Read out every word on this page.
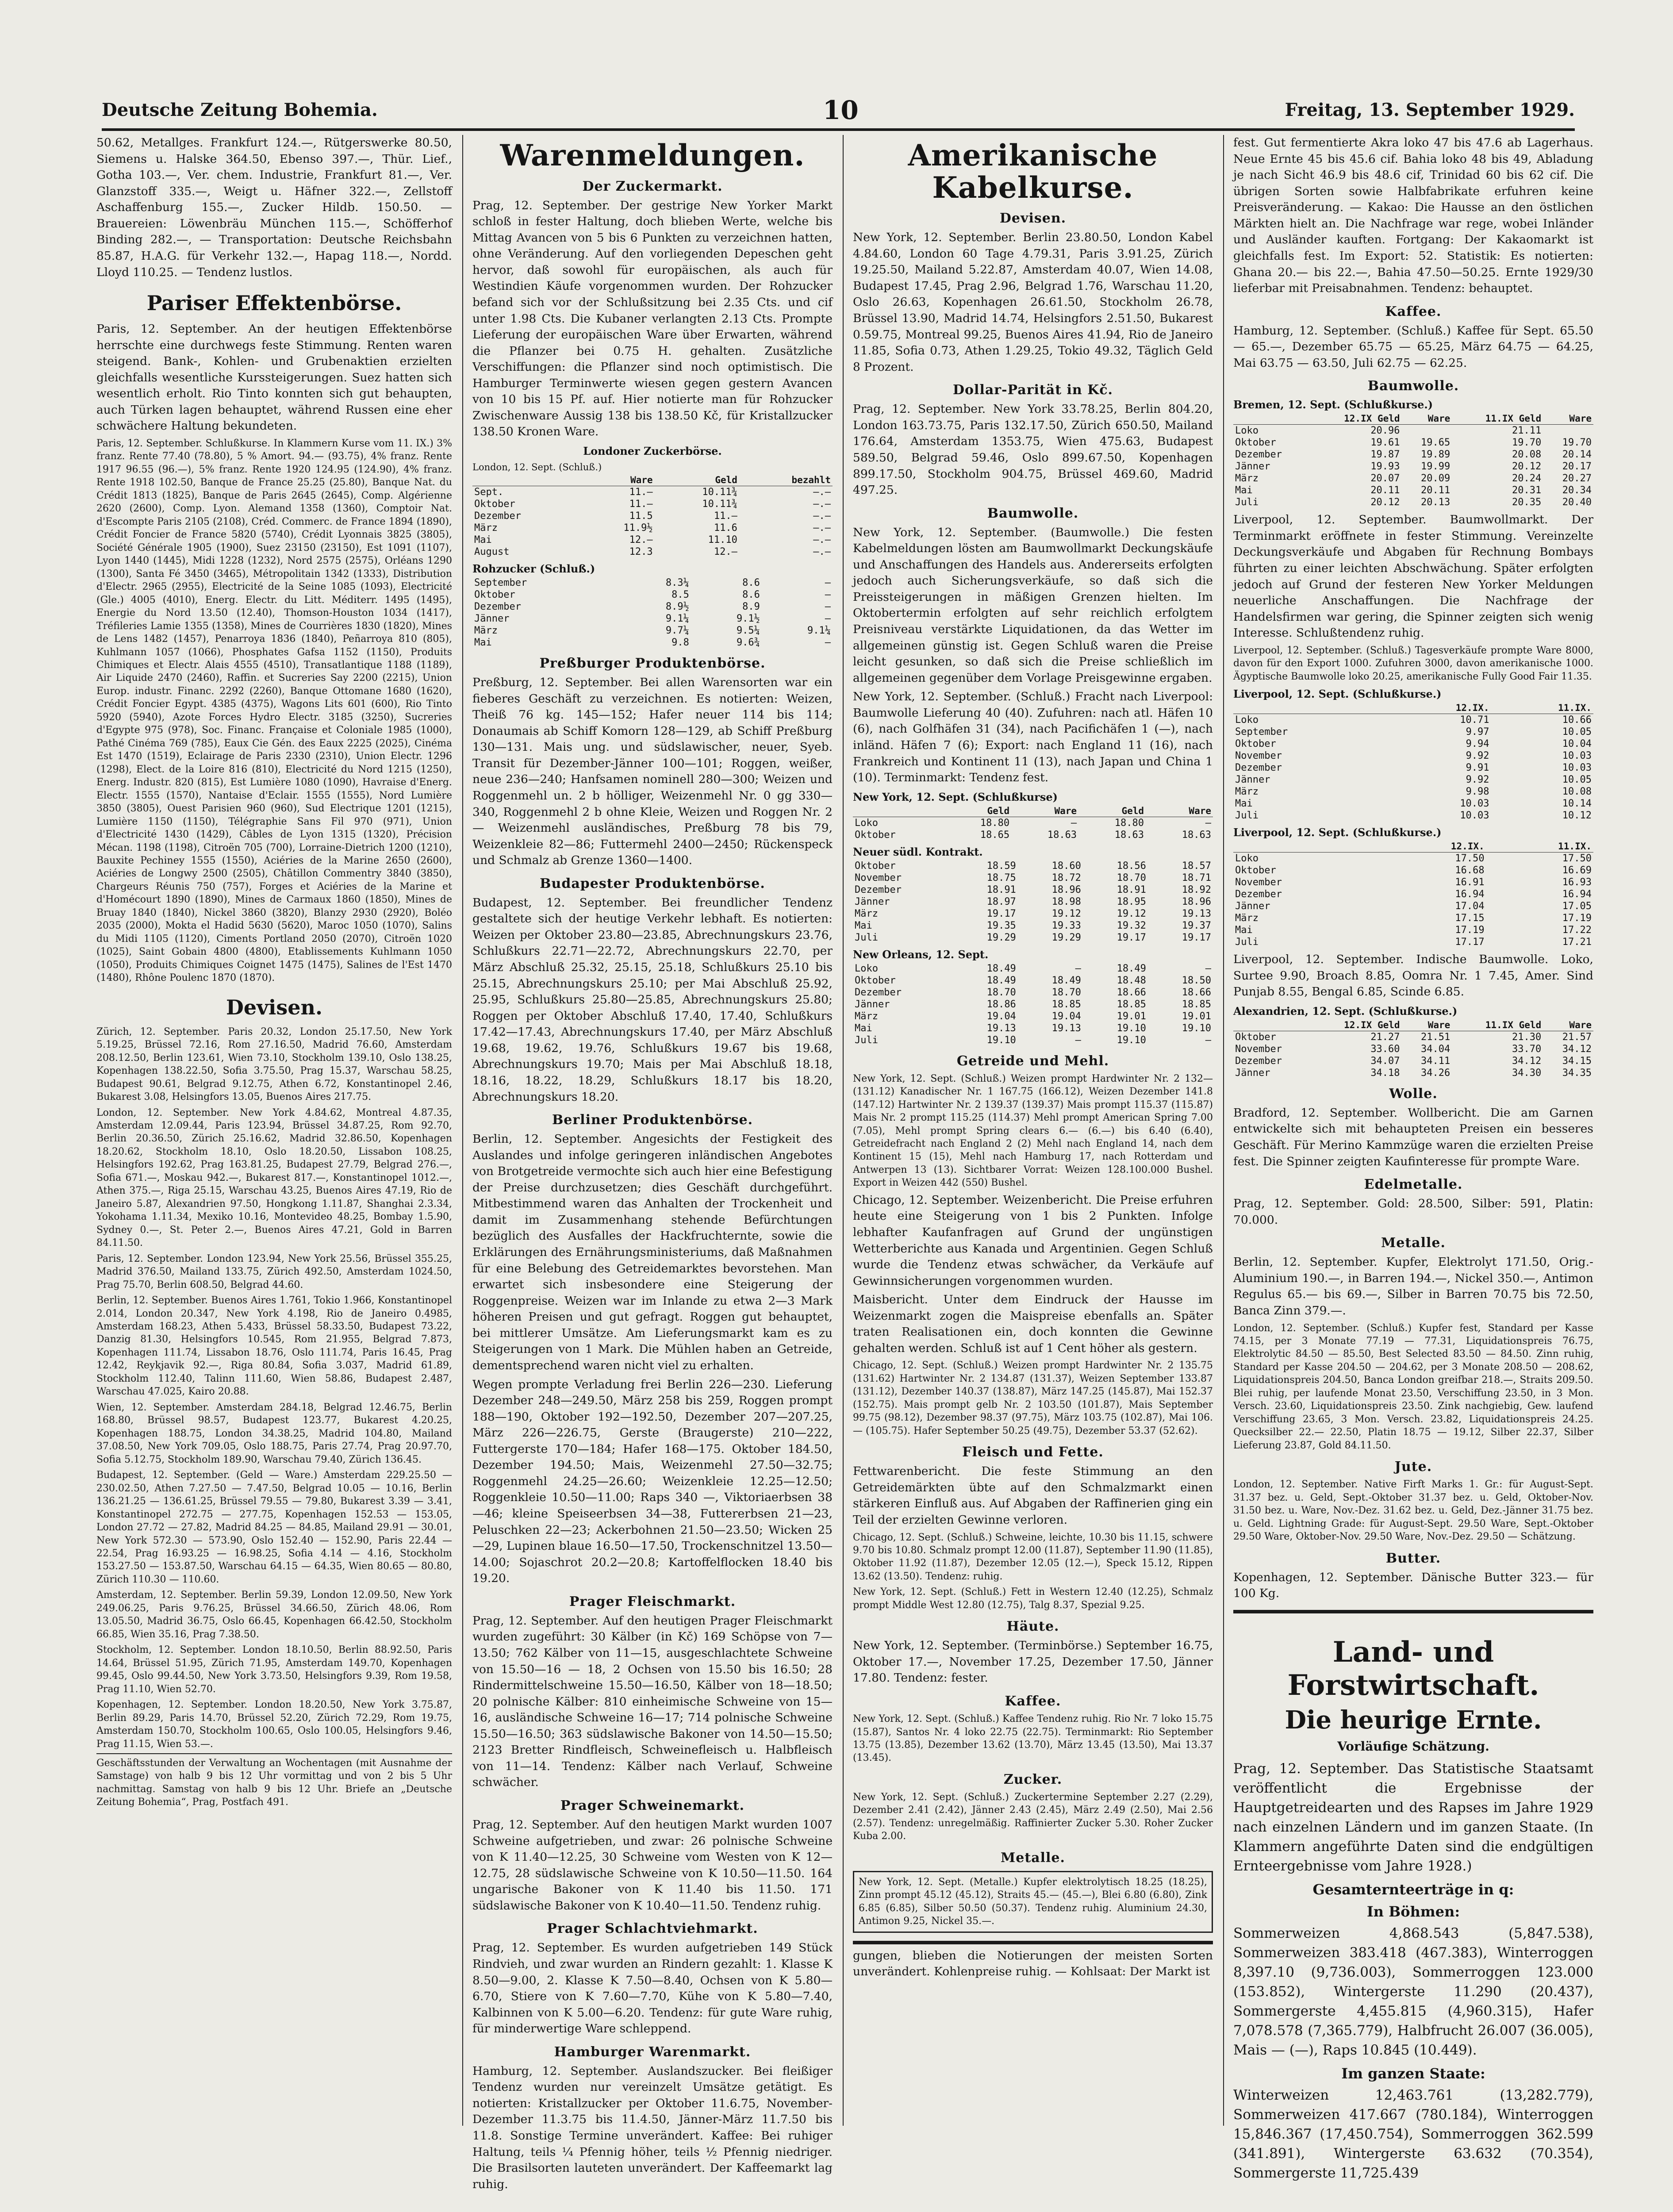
Deutsche Zeitung Bohemia.	10	Freitag, 13. September 1929.

50.62, Metallges. Frankfurt 124.—, Rütgerswerke 80.50, Siemens u. Halske 364.50, Ebenso 397.—, Thür. Lief., Gotha 103.—, Ver. chem. Industrie, Frankfurt 81.—, Ver. Glanzstoff 335.—, Weigt u. Häfner 322.—, Zellstoff Aschaffenburg 155.—, Zucker Hildb. 150.50. — Brauereien: Löwenbräu München 115.—, Schöfferhof Binding 282.—, — Transportation: Deutsche Reichsbahn 85.87, H.A.G. für Verkehr 132.—, Hapag 118.—, Nordd. Lloyd 110.25. — Tendenz lustlos.

Pariser Effektenbörse.

Paris, 12. September. An der heutigen Effektenbörse herrschte eine durchwegs feste Stimmung. Renten waren steigend. Bank-, Kohlen- und Grubenaktien erzielten gleichfalls wesentliche Kurssteigerungen. Suez hatten sich wesentlich erholt. Rio Tinto konnten sich gut behaupten, auch Türken lagen behauptet, während Russen eine eher schwächere Haltung bekundeten.

Paris, 12. September. Schlußkurse. In Klammern Kurse vom 11. IX.) 3% franz. Rente 77.40 (78.80), 5 % Amort. 94.— (93.75), 4% franz. Rente 1917 96.55 (96.—), 5% franz. Rente 1920 124.95 (124.90), 4% franz. Rente 1918 102.50, Banque de France 25.25 (25.80), Banque Nat. du Crédit 1813 (1825), Banque de Paris 2645 (2645), Comp. Algérienne 2620 (2600), Comp. Lyon. Alemand 1358 (1360), Comptoir Nat. d'Escompte Paris 2105 (2108), Créd. Commerc. de France 1894 (1890), Crédit Foncier de France 5820 (5740), Crédit Lyonnais 3825 (3805), Société Générale 1905 (1900), Suez 23150 (23150), Est 1091 (1107), Lyon 1440 (1445), Midi 1228 (1232), Nord 2575 (2575), Orléans 1290 (1300), Santa Fé 3450 (3465), Métropolitain 1342 (1333), Distribution d'Electr. 2965 (2955), Electricité de la Seine 1085 (1093), Electricité (Gle.) 4005 (4010), Energ. Electr. du Litt. Méditerr. 1495 (1495), Energie du Nord 13.50 (12.40), Thomson-Houston 1034 (1417), Tréfileries Lamie 1355 (1358), Mines de Courrières 1830 (1820), Mines de Lens 1482 (1457), Penarroya 1836 (1840), Peñarroya 810 (805), Kuhlmann 1057 (1066), Phosphates Gafsa 1152 (1150), Produits Chimiques et Electr. Alais 4555 (4510), Transatlantique 1188 (1189), Air Liquide 2470 (2460), Raffin. et Sucreries Say 2200 (2215), Union Europ. industr. Financ. 2292 (2260), Banque Ottomane 1680 (1620), Crédit Foncier Egypt. 4385 (4375), Wagons Lits 601 (600), Rio Tinto 5920 (5940), Azote Forces Hydro Electr. 3185 (3250), Sucreries d'Egypte 975 (978), Soc. Financ. Française et Coloniale 1985 (1000), Pathé Cinéma 769 (785), Eaux Cie Gén. des Eaux 2225 (2025), Cinéma Est 1470 (1519), Eclairage de Paris 2330 (2310), Union Electr. 1296 (1298), Elect. de la Loire 816 (810), Electricité du Nord 1215 (1250), Energ. Industr. 820 (815), Est Lumière 1080 (1090), Havraise d'Energ. Electr. 1555 (1570), Nantaise d'Eclair. 1555 (1555), Nord Lumière 3850 (3805), Ouest Parisien 960 (960), Sud Electrique 1201 (1215), Lumière 1150 (1150), Télégraphie Sans Fil 970 (971), Union d'Electricité 1430 (1429), Câbles de Lyon 1315 (1320), Précision Mécan. 1198 (1198), Citroën 705 (700), Lorraine-Dietrich 1200 (1210), Bauxite Pechiney 1555 (1550), Aciéries de la Marine 2650 (2600), Aciéries de Longwy 2500 (2505), Châtillon Commentry 3840 (3850), Chargeurs Réunis 750 (757), Forges et Aciéries de la Marine et d'Homécourt 1890 (1890), Mines de Carmaux 1860 (1850), Mines de Bruay 1840 (1840), Nickel 3860 (3820), Blanzy 2930 (2920), Boléo 2035 (2000), Mokta el Hadid 5630 (5620), Maroc 1050 (1070), Salins du Midi 1105 (1120), Ciments Portland 2050 (2070), Citroën 1020 (1025), Saint Gobain 4800 (4800), Etablissements Kuhlmann 1050 (1050), Produits Chimiques Coignet 1475 (1475), Salines de l'Est 1470 (1480), Rhône Poulenc 1870 (1870).

Devisen.

Zürich, 12. September. Paris 20.32, London 25.17.50, New York 5.19.25, Brüssel 72.16, Rom 27.16.50, Madrid 76.60, Amsterdam 208.12.50, Berlin 123.61, Wien 73.10, Stockholm 139.10, Oslo 138.25, Kopenhagen 138.22.50, Sofia 3.75.50, Prag 15.37, Warschau 58.25, Budapest 90.61, Belgrad 9.12.75, Athen 6.72, Konstantinopel 2.46, Bukarest 3.08, Helsingfors 13.05, Buenos Aires 217.75.

London, 12. September. New York 4.84.62, Montreal 4.87.35, Amsterdam 12.09.44, Paris 123.94, Brüssel 34.87.25, Rom 92.70, Berlin 20.36.50, Zürich 25.16.62, Madrid 32.86.50, Kopenhagen 18.20.62, Stockholm 18.10, Oslo 18.20.50, Lissabon 108.25, Helsingfors 192.62, Prag 163.81.25, Budapest 27.79, Belgrad 276.—, Sofia 671.—, Moskau 942.—, Bukarest 817.—, Konstantinopel 1012.—, Athen 375.—, Riga 25.15, Warschau 43.25, Buenos Aires 47.19, Rio de Janeiro 5.87, Alexandrien 97.50, Hongkong 1.11.87, Shanghai 2.3.34, Yokohama 1.11.34, Mexiko 10.16, Montevideo 48.25, Bombay 1.5.90, Sydney 0.—, St. Peter 2.—, Buenos Aires 47.21, Gold in Barren 84.11.50.

Paris, 12. September. London 123.94, New York 25.56, Brüssel 355.25, Madrid 376.50, Mailand 133.75, Zürich 492.50, Amsterdam 1024.50, Prag 75.70, Berlin 608.50, Belgrad 44.60.

Berlin, 12. September. Buenos Aires 1.761, Tokio 1.966, Konstantinopel 2.014, London 20.347, New York 4.198, Rio de Janeiro 0.4985, Amsterdam 168.23, Athen 5.433, Brüssel 58.33.50, Budapest 73.22, Danzig 81.30, Helsingfors 10.545, Rom 21.955, Belgrad 7.873, Kopenhagen 111.74, Lissabon 18.76, Oslo 111.74, Paris 16.45, Prag 12.42, Reykjavik 92.—, Riga 80.84, Sofia 3.037, Madrid 61.89, Stockholm 112.40, Talinn 111.60, Wien 58.86, Budapest 2.487, Warschau 47.025, Kairo 20.88.

Wien, 12. September. Amsterdam 284.18, Belgrad 12.46.75, Berlin 168.80, Brüssel 98.57, Budapest 123.77, Bukarest 4.20.25, Kopenhagen 188.75, London 34.38.25, Madrid 104.80, Mailand 37.08.50, New York 709.05, Oslo 188.75, Paris 27.74, Prag 20.97.70, Sofia 5.12.75, Stockholm 189.90, Warschau 79.40, Zürich 136.45.

Budapest, 12. September. (Geld — Ware.) Amsterdam 229.25.50 — 230.02.50, Athen 7.27.50 — 7.47.50, Belgrad 10.05 — 10.16, Berlin 136.21.25 — 136.61.25, Brüssel 79.55 — 79.80, Bukarest 3.39 — 3.41, Konstantinopel 272.75 — 277.75, Kopenhagen 152.53 — 153.05, London 27.72 — 27.82, Madrid 84.25 — 84.85, Mailand 29.91 — 30.01, New York 572.30 — 573.90, Oslo 152.40 — 152.90, Paris 22.44 — 22.54, Prag 16.93.25 — 16.98.25, Sofia 4.14 — 4.16, Stockholm 153.27.50 — 153.87.50, Warschau 64.15 — 64.35, Wien 80.65 — 80.80, Zürich 110.30 — 110.60.

Amsterdam, 12. September. Berlin 59.39, London 12.09.50, New York 249.06.25, Paris 9.76.25, Brüssel 34.66.50, Zürich 48.06, Rom 13.05.50, Madrid 36.75, Oslo 66.45, Kopenhagen 66.42.50, Stockholm 66.85, Wien 35.16, Prag 7.38.50.

Stockholm, 12. September. London 18.10.50, Berlin 88.92.50, Paris 14.64, Brüssel 51.95, Zürich 71.95, Amsterdam 149.70, Kopenhagen 99.45, Oslo 99.44.50, New York 3.73.50, Helsingfors 9.39, Rom 19.58, Prag 11.10, Wien 52.70.

Kopenhagen, 12. September. London 18.20.50, New York 3.75.87, Berlin 89.29, Paris 14.70, Brüssel 52.20, Zürich 72.29, Rom 19.75, Amsterdam 150.70, Stockholm 100.65, Oslo 100.05, Helsingfors 9.46, Prag 11.15, Wien 53.—.

Geschäftsstunden der Verwaltung an Wochentagen (mit Ausnahme der Samstage) von halb 9 bis 12 Uhr vormittag und von 2 bis 5 Uhr nachmittag. Samstag von halb 9 bis 12 Uhr. Briefe an „Deutsche Zeitung Bohemia“, Prag, Postfach 491.

Warenmeldungen.
Der Zuckermarkt.

Prag, 12. September. Der gestrige New Yorker Markt schloß in fester Haltung, doch blieben Werte, welche bis Mittag Avancen von 5 bis 6 Punkten zu verzeichnen hatten, ohne Veränderung. Auf den vorliegenden Depeschen geht hervor, daß sowohl für europäischen, als auch für Westindien Käufe vorgenommen wurden. Der Rohzucker befand sich vor der Schlußsitzung bei 2.35 Cts. und cif unter 1.98 Cts. Die Kubaner verlangten 2.13 Cts. Prompte Lieferung der europäischen Ware über Erwarten, während die Pflanzer bei 0.75 H. gehalten. Zusätzliche Verschiffungen: die Pflanzer sind noch optimistisch. Die Hamburger Terminwerte wiesen gegen gestern Avancen von 10 bis 15 Pf. auf. Hier notierte man für Rohzucker Zwischenware Aussig 138 bis 138.50 Kč, für Kristallzucker 138.50 Kronen Ware.

Londoner Zuckerbörse.
London, 12. Sept. (Schluß.)
	Ware	Geld	bezahlt
Sept.	11.—	10.11¾	—.—
Oktober	11.—	10.11¾	—.—
Dezember	11.5	11.—	—.—
März	11.9½	11.6	—.—
Mai	12.—	11.10	—.—
August	12.3	12.—	—.—
Rohzucker (Schluß.)
September	8.3¼	8.6	—
Oktober	8.5	8.6	—
Dezember	8.9½	8.9	—
Jänner	9.1¼	9.1½	—
März	9.7¼	9.5¼	9.1¼
Mai	9.8	9.6¾	—
Preßburger Produktenbörse.

Preßburg, 12. September. Bei allen Warensorten war ein fieberes Geschäft zu verzeichnen. Es notierten: Weizen, Theiß 76 kg. 145—152; Hafer neuer 114 bis 114; Donaumais ab Schiff Komorn 128—129, ab Schiff Preßburg 130—131. Mais ung. und südslawischer, neuer, Syeb. Transit für Dezember-Jänner 100—101; Roggen, weißer, neue 236—240; Hanfsamen nominell 280—300; Weizen und Roggenmehl un. 2 b hölliger, Weizenmehl Nr. 0 gg 330—340, Roggenmehl 2 b ohne Kleie, Weizen und Roggen Nr. 2 — Weizenmehl ausländisches, Preßburg 78 bis 79, Weizenkleie 82—86; Futtermehl 2400—2450; Rückenspeck und Schmalz ab Grenze 1360—1400.

Budapester Produktenbörse.

Budapest, 12. September. Bei freundlicher Tendenz gestaltete sich der heutige Verkehr lebhaft. Es notierten: Weizen per Oktober 23.80—23.85, Abrechnungskurs 23.76, Schlußkurs 22.71—22.72, Abrechnungskurs 22.70, per März Abschluß 25.32, 25.15, 25.18, Schlußkurs 25.10 bis 25.15, Abrechnungskurs 25.10; per Mai Abschluß 25.92, 25.95, Schlußkurs 25.80—25.85, Abrechnungskurs 25.80; Roggen per Oktober Abschluß 17.40, 17.40, Schlußkurs 17.42—17.43, Abrechnungskurs 17.40, per März Abschluß 19.68, 19.62, 19.76, Schlußkurs 19.67 bis 19.68, Abrechnungskurs 19.70; Mais per Mai Abschluß 18.18, 18.16, 18.22, 18.29, Schlußkurs 18.17 bis 18.20, Abrechnungskurs 18.20.

Berliner Produktenbörse.

Berlin, 12. September. Angesichts der Festigkeit des Auslandes und infolge geringeren inländischen Angebotes von Brotgetreide vermochte sich auch hier eine Befestigung der Preise durchzusetzen; dies Geschäft durchgeführt. Mitbestimmend waren das Anhalten der Trockenheit und damit im Zusammenhang stehende Befürchtungen bezüglich des Ausfalles der Hackfruchternte, sowie die Erklärungen des Ernährungsministeriums, daß Maßnahmen für eine Belebung des Getreidemarktes bevorstehen. Man erwartet sich insbesondere eine Steigerung der Roggenpreise. Weizen war im Inlande zu etwa 2—3 Mark höheren Preisen und gut gefragt. Roggen gut behauptet, bei mittlerer Umsätze. Am Lieferungsmarkt kam es zu Steigerungen von 1 Mark. Die Mühlen haben an Getreide, dementsprechend waren nicht viel zu erhalten.

Wegen prompte Verladung frei Berlin 226—230. Lieferung Dezember 248—249.50, März 258 bis 259, Roggen prompt 188—190, Oktober 192—192.50, Dezember 207—207.25, März 226—226.75, Gerste (Braugerste) 210—222, Futtergerste 170—184; Hafer 168—175. Oktober 184.50, Dezember 194.50; Mais, Weizenmehl 27.50—32.75; Roggenmehl 24.25—26.60; Weizenkleie 12.25—12.50; Roggenkleie 10.50—11.00; Raps 340 —, Viktoriaerbsen 38—46; kleine Speiseerbsen 34—38, Futtererbsen 21—23, Peluschken 22—23; Ackerbohnen 21.50—23.50; Wicken 25—29, Lupinen blaue 16.50—17.50, Trockenschnitzel 13.50—14.00; Sojaschrot 20.2—20.8; Kartoffelflocken 18.40 bis 19.20.

Prager Fleischmarkt.

Prag, 12. September. Auf den heutigen Prager Fleischmarkt wurden zugeführt: 30 Kälber (in Kč) 169 Schöpse von 7—13.50; 762 Kälber von 11—15, ausgeschlachtete Schweine von 15.50—16 — 18, 2 Ochsen von 15.50 bis 16.50; 28 Rindermittelschweine 15.50—16.50, Kälber von 18—18.50; 20 polnische Kälber: 810 einheimische Schweine von 15—16, ausländische Schweine 16—17; 714 polnische Schweine 15.50—16.50; 363 südslawische Bakoner von 14.50—15.50; 2123 Bretter Rindfleisch, Schweinefleisch u. Halbfleisch von 11—14. Tendenz: Kälber nach Verlauf, Schweine schwächer.

Prager Schweinemarkt.

Prag, 12. September. Auf den heutigen Markt wurden 1007 Schweine aufgetrieben, und zwar: 26 polnische Schweine von K 11.40—12.25, 30 Schweine vom Westen von K 12—12.75, 28 südslawische Schweine von K 10.50—11.50. 164 ungarische Bakoner von K 11.40 bis 11.50. 171 südslawische Bakoner von K 10.40—11.50. Tendenz ruhig.

Prager Schlachtviehmarkt.

Prag, 12. September. Es wurden aufgetrieben 149 Stück Rindvieh, und zwar wurden an Rindern gezahlt: 1. Klasse K 8.50—9.00, 2. Klasse K 7.50—8.40, Ochsen von K 5.80—6.70, Stiere von K 7.60—7.70, Kühe von K 5.80—7.40, Kalbinnen von K 5.00—6.20. Tendenz: für gute Ware ruhig, für minderwertige Ware schleppend.

Hamburger Warenmarkt.

Hamburg, 12. September. Auslandszucker. Bei fleißiger Tendenz wurden nur vereinzelt Umsätze getätigt. Es notierten: Kristallzucker per Oktober 11.6.75, November-Dezember 11.3.75 bis 11.4.50, Jänner-März 11.7.50 bis 11.8. Sonstige Termine unverändert. Kaffee: Bei ruhiger Haltung, teils ¼ Pfennig höher, teils ½ Pfennig niedriger. Die Brasilsorten lauteten unverändert. Der Kaffeemarkt lag ruhig.

Amerikanische Kabelkurse.
Devisen.

New York, 12. September. Berlin 23.80.50, London Kabel 4.84.60, London 60 Tage 4.79.31, Paris 3.91.25, Zürich 19.25.50, Mailand 5.22.87, Amsterdam 40.07, Wien 14.08, Budapest 17.45, Prag 2.96, Belgrad 1.76, Warschau 11.20, Oslo 26.63, Kopenhagen 26.61.50, Stockholm 26.78, Brüssel 13.90, Madrid 14.74, Helsingfors 2.51.50, Bukarest 0.59.75, Montreal 99.25, Buenos Aires 41.94, Rio de Janeiro 11.85, Sofia 0.73, Athen 1.29.25, Tokio 49.32, Täglich Geld 8 Prozent.

Dollar-Parität in Kč.

Prag, 12. September. New York 33.78.25, Berlin 804.20, London 163.73.75, Paris 132.17.50, Zürich 650.50, Mailand 176.64, Amsterdam 1353.75, Wien 475.63, Budapest 589.50, Belgrad 59.46, Oslo 899.67.50, Kopenhagen 899.17.50, Stockholm 904.75, Brüssel 469.60, Madrid 497.25.

Baumwolle.

New York, 12. September. (Baumwolle.) Die festen Kabelmeldungen lösten am Baumwollmarkt Deckungskäufe und Anschaffungen des Handels aus. Andererseits erfolgten jedoch auch Sicherungsverkäufe, so daß sich die Preissteigerungen in mäßigen Grenzen hielten. Im Oktobertermin erfolgten auf sehr reichlich erfolgtem Preisniveau verstärkte Liquidationen, da das Wetter im allgemeinen günstig ist. Gegen Schluß waren die Preise leicht gesunken, so daß sich die Preise schließlich im allgemeinen gegenüber dem Vorlage Preisgewinne ergaben.

New York, 12. September. (Schluß.) Fracht nach Liverpool: Baumwolle Lieferung 40 (40). Zufuhren: nach atl. Häfen 10 (6), nach Golfhäfen 31 (34), nach Pacifichäfen 1 (—), nach inländ. Häfen 7 (6); Export: nach England 11 (16), nach Frankreich und Kontinent 11 (13), nach Japan und China 1 (10). Terminmarkt: Tendenz fest.

New York, 12. Sept. (Schlußkurse)
	Geld	Ware	Geld	Ware
Loko	18.80	—	18.80	—
Oktober	18.65	18.63	18.63	18.63
Neuer südl. Kontrakt.
Oktober	18.59	18.60	18.56	18.57
November	18.75	18.72	18.70	18.71
Dezember	18.91	18.96	18.91	18.92
Jänner	18.97	18.98	18.95	18.96
März	19.17	19.12	19.12	19.13
Mai	19.35	19.33	19.32	19.37
Juli	19.29	19.29	19.17	19.17
New Orleans, 12. Sept.
Loko	18.49	—	18.49	—
Oktober	18.49	18.49	18.48	18.50
Dezember	18.70	18.70	18.66	18.66
Jänner	18.86	18.85	18.85	18.85
März	19.04	19.04	19.01	19.01
Mai	19.13	19.13	19.10	19.10
Juli	19.10	—	19.10	—
Getreide und Mehl.

New York, 12. Sept. (Schluß.) Weizen prompt Hardwinter Nr. 2 132—(131.12) Kanadischer Nr. 1 167.75 (166.12), Weizen Dezember 141.8 (147.12) Hartwinter Nr. 2 139.37 (139.37) Mais prompt 115.37 (115.87) Mais Nr. 2 prompt 115.25 (114.37) Mehl prompt American Spring 7.00 (7.05), Mehl prompt Spring clears 6.— (6.—) bis 6.40 (6.40), Getreidefracht nach England 2 (2) Mehl nach England 14, nach dem Kontinent 15 (15), Mehl nach Hamburg 17, nach Rotterdam und Antwerpen 13 (13). Sichtbarer Vorrat: Weizen 128.100.000 Bushel. Export in Weizen 442 (550) Bushel.

Chicago, 12. September. Weizenbericht. Die Preise erfuhren heute eine Steigerung von 1 bis 2 Punkten. Infolge lebhafter Kaufanfragen auf Grund der ungünstigen Wetterberichte aus Kanada und Argentinien. Gegen Schluß wurde die Tendenz etwas schwächer, da Verkäufe auf Gewinnsicherungen vorgenommen wurden.

Maisbericht. Unter dem Eindruck der Hausse im Weizenmarkt zogen die Maispreise ebenfalls an. Später traten Realisationen ein, doch konnten die Gewinne gehalten werden. Schluß ist auf 1 Cent höher als gestern.

Chicago, 12. Sept. (Schluß.) Weizen prompt Hardwinter Nr. 2 135.75 (131.62) Hartwinter Nr. 2 134.87 (131.37), Weizen September 133.87 (131.12), Dezember 140.37 (138.87), März 147.25 (145.87), Mai 152.37 (152.75). Mais prompt gelb Nr. 2 103.50 (101.87), Mais September 99.75 (98.12), Dezember 98.37 (97.75), März 103.75 (102.87), Mai 106.— (105.75). Hafer September 50.25 (49.75), Dezember 53.37 (52.62).

Fleisch und Fette.

Fettwarenbericht. Die feste Stimmung an den Getreidemärkten übte auf den Schmalzmarkt einen stärkeren Einfluß aus. Auf Abgaben der Raffinerien ging ein Teil der erzielten Gewinne verloren.

Chicago, 12. Sept. (Schluß.) Schweine, leichte, 10.30 bis 11.15, schwere 9.70 bis 10.80. Schmalz prompt 12.00 (11.87), September 11.90 (11.85), Oktober 11.92 (11.87), Dezember 12.05 (12.—), Speck 15.12, Rippen 13.62 (13.50). Tendenz: ruhig.

New York, 12. Sept. (Schluß.) Fett in Western 12.40 (12.25), Schmalz prompt Middle West 12.80 (12.75), Talg 8.37, Spezial 9.25.

Häute.

New York, 12. September. (Terminbörse.) September 16.75, Oktober 17.—, November 17.25, Dezember 17.50, Jänner 17.80. Tendenz: fester.

Kaffee.

New York, 12. Sept. (Schluß.) Kaffee Tendenz ruhig. Rio Nr. 7 loko 15.75 (15.87), Santos Nr. 4 loko 22.75 (22.75). Terminmarkt: Rio September 13.75 (13.85), Dezember 13.62 (13.70), März 13.45 (13.50), Mai 13.37 (13.45).

Zucker.

New York, 12. Sept. (Schluß.) Zuckertermine September 2.27 (2.29), Dezember 2.41 (2.42), Jänner 2.43 (2.45), März 2.49 (2.50), Mai 2.56 (2.57). Tendenz: unregelmäßig. Raffinierter Zucker 5.30. Roher Zucker Kuba 2.00.

Metalle.

New York, 12. Sept. (Metalle.) Kupfer elektrolytisch 18.25 (18.25), Zinn prompt 45.12 (45.12), Straits 45.— (45.—), Blei 6.80 (6.80), Zink 6.85 (6.85), Silber 50.50 (50.37). Tendenz ruhig. Aluminium 24.30, Antimon 9.25, Nickel 35.—.

gungen, blieben die Notierungen der meisten Sorten unverändert. Kohlenpreise ruhig. — Kohlsaat: Der Markt ist

fest. Gut fermentierte Akra loko 47 bis 47.6 ab Lagerhaus. Neue Ernte 45 bis 45.6 cif. Bahia loko 48 bis 49, Abladung je nach Sicht 46.9 bis 48.6 cif, Trinidad 60 bis 62 cif. Die übrigen Sorten sowie Halbfabrikate erfuhren keine Preisveränderung. — Kakao: Die Hausse an den östlichen Märkten hielt an. Die Nachfrage war rege, wobei Inländer und Ausländer kauften. Fortgang: Der Kakaomarkt ist gleichfalls fest. Im Export: 52. Statistik: Es notierten: Ghana 20.— bis 22.—, Bahia 47.50—50.25. Ernte 1929/30 lieferbar mit Preisabnahmen. Tendenz: behauptet.

Kaffee.

Hamburg, 12. September. (Schluß.) Kaffee für Sept. 65.50 — 65.—, Dezember 65.75 — 65.25, März 64.75 — 64.25, Mai 63.75 — 63.50, Juli 62.75 — 62.25.

Baumwolle.
Bremen, 12. Sept. (Schlußkurse.)
	12.IX Geld	Ware	11.IX Geld	Ware
Loko	20.96		21.11	
Oktober	19.61	19.65	19.70	19.70
Dezember	19.87	19.89	20.08	20.14
Jänner	19.93	19.99	20.12	20.17
März	20.07	20.09	20.24	20.27
Mai	20.11	20.11	20.31	20.34
Juli	20.12	20.13	20.35	20.40

Liverpool, 12. September. Baumwollmarkt. Der Terminmarkt eröffnete in fester Stimmung. Vereinzelte Deckungsverkäufe und Abgaben für Rechnung Bombays führten zu einer leichten Abschwächung. Später erfolgten jedoch auf Grund der festeren New Yorker Meldungen neuerliche Anschaffungen. Die Nachfrage der Handelsfirmen war gering, die Spinner zeigten sich wenig Interesse. Schlußtendenz ruhig.

Liverpool, 12. September. (Schluß.) Tagesverkäufe prompte Ware 8000, davon für den Export 1000. Zufuhren 3000, davon amerikanische 1000. Ägyptische Baumwolle loko 20.25, amerikanische Fully Good Fair 11.35.

Liverpool, 12. Sept. (Schlußkurse.)
	12.IX.	11.IX.
Loko	10.71	10.66
September	9.97	10.05
Oktober	9.94	10.04
November	9.92	10.03
Dezember	9.91	10.03
Jänner	9.92	10.05
März	9.98	10.08
Mai	10.03	10.14
Juli	10.03	10.12
Liverpool, 12. Sept. (Schlußkurse.)
	12.IX.	11.IX.
Loko	17.50	17.50
Oktober	16.68	16.69
November	16.91	16.93
Dezember	16.94	16.94
Jänner	17.04	17.05
März	17.15	17.19
Mai	17.19	17.22
Juli	17.17	17.21

Liverpool, 12. September. Indische Baumwolle. Loko, Surtee 9.90, Broach 8.85, Oomra Nr. 1 7.45, Amer. Sind Punjab 8.55, Bengal 6.85, Scinde 6.85.

Alexandrien, 12. Sept. (Schlußkurse.)
	12.IX Geld	Ware	11.IX Geld	Ware
Oktober	21.27	21.51	21.30	21.57
November	33.60	34.04	33.70	34.12
Dezember	34.07	34.11	34.12	34.15
Jänner	34.18	34.26	34.30	34.35
Wolle.

Bradford, 12. September. Wollbericht. Die am Garnen entwickelte sich mit behaupteten Preisen ein besseres Geschäft. Für Merino Kammzüge waren die erzielten Preise fest. Die Spinner zeigten Kaufinteresse für prompte Ware.

Edelmetalle.

Prag, 12. September. Gold: 28.500, Silber: 591, Platin: 70.000.

Metalle.

Berlin, 12. September. Kupfer, Elektrolyt 171.50, Orig.-Aluminium 190.—, in Barren 194.—, Nickel 350.—, Antimon Regulus 65.— bis 69.—, Silber in Barren 70.75 bis 72.50, Banca Zinn 379.—.

London, 12. September. (Schluß.) Kupfer fest, Standard per Kasse 74.15, per 3 Monate 77.19 — 77.31, Liquidationspreis 76.75, Elektrolytic 84.50 — 85.50, Best Selected 83.50 — 84.50. Zinn ruhig, Standard per Kasse 204.50 — 204.62, per 3 Monate 208.50 — 208.62, Liquidationspreis 204.50, Banca London greifbar 218.—, Straits 209.50. Blei ruhig, per laufende Monat 23.50, Verschiffung 23.50, in 3 Mon. Versch. 23.60, Liquidationspreis 23.50. Zink nachgiebig, Gew. laufend Verschiffung 23.65, 3 Mon. Versch. 23.82, Liquidationspreis 24.25. Quecksilber 22.— 22.50, Platin 18.75 — 19.12, Silber 22.37, Silber Lieferung 23.87, Gold 84.11.50.

Jute.

London, 12. September. Native Firft Marks 1. Gr.: für August-Sept. 31.37 bez. u. Geld, Sept.-Oktober 31.37 bez. u. Geld, Oktober-Nov. 31.50 bez. u. Ware, Nov.-Dez. 31.62 bez. u. Geld, Dez.-Jänner 31.75 bez. u. Geld. Lightning Grade: für August-Sept. 29.50 Ware, Sept.-Oktober 29.50 Ware, Oktober-Nov. 29.50 Ware, Nov.-Dez. 29.50 — Schätzung.

Butter.

Kopenhagen, 12. September. Dänische Butter 323.— für 100 Kg.

Land- und Forstwirtschaft.
Die heurige Ernte.
Vorläufige Schätzung.

Prag, 12. September. Das Statistische Staatsamt veröffentlicht die Ergebnisse der Hauptgetreidearten und des Rapses im Jahre 1929 nach einzelnen Ländern und im ganzen Staate. (In Klammern angeführte Daten sind die endgültigen Ernteergebnisse vom Jahre 1928.)

Gesamternteerträge in q:
In Böhmen:

Sommerweizen 4,868.543 (5,847.538), Sommerweizen 383.418 (467.383), Winterroggen 8,397.10 (9,736.003), Sommerroggen 123.000 (153.852), Wintergerste 11.290 (20.437), Sommergerste 4,455.815 (4,960.315), Hafer 7,078.578 (7,365.779), Halbfrucht 26.007 (36.005), Mais — (—), Raps 10.845 (10.449).

Im ganzen Staate:

Winterweizen 12,463.761 (13,282.779), Sommerweizen 417.667 (780.184), Winterroggen 15,846.367 (17,450.754), Sommerroggen 362.599 (341.891), Wintergerste 63.632 (70.354), Sommergerste 11,725.439
